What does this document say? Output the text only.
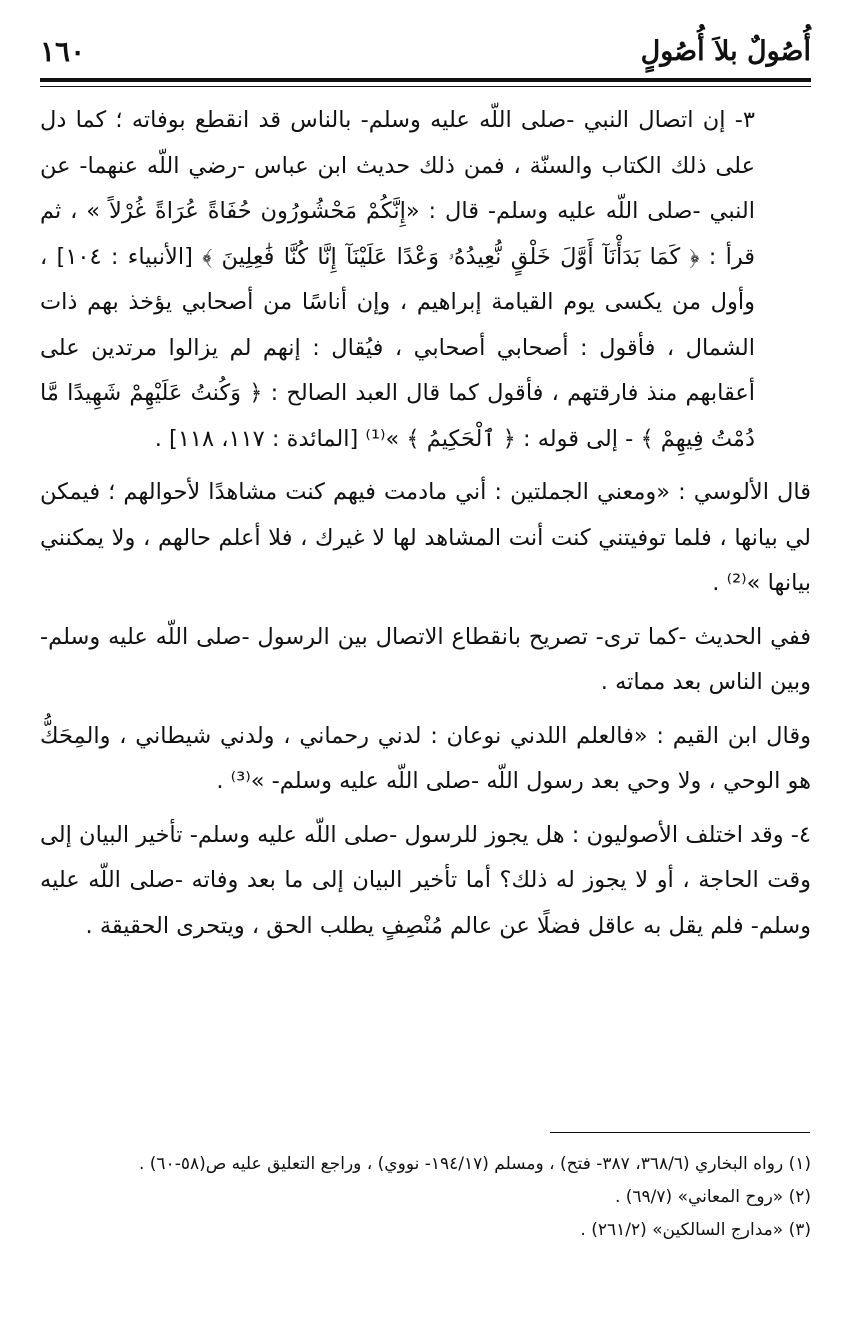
أُصُولٌ بلاَ أُصُولٍ
١٦٠

٣- إن اتصال النبي -صلى اللّه عليه وسلم- بالناس قد انقطع بوفاته ؛ كما دل على ذلك الكتاب والسنّة ، فمن ذلك حديث ابن عباس -رضي اللّه عنهما- عن النبي -صلى اللّه عليه وسلم- قال : «إِنَّكُمْ مَحْشُورُون حُفَاةً عُرَاةً غُرْلاً » ، ثم قرأ : ﴿ كَمَا بَدَأْنَآ أَوَّلَ خَلْقٍ نُّعِيدُهُۥ وَعْدًا عَلَيْنَآ إِنَّا كُنَّا فَٰعِلِينَ ﴾ [الأنبياء : ١٠٤] ، وأول من يكسى يوم القيامة إبراهيم ، وإن أناسًا من أصحابي يؤخذ بهم ذات الشمال ، فأقول : أصحابي أصحابي ، فيُقال : إنهم لم يزالوا مرتدين على أعقابهم منذ فارقتهم ، فأقول كما قال العبد الصالح : ﴿ وَكُنتُ عَلَيْهِمْ شَهِيدًا مَّا دُمْتُ فِيهِمْ ﴾ - إلى قوله : ﴿ ٱلْحَكِيمُ ﴾ »⁽¹⁾ [المائدة : ١١٧، ١١٨] .

قال الألوسي : «ومعني الجملتين : أني مادمت فيهم كنت مشاهدًا لأحوالهم ؛ فيمكن لي بيانها ، فلما توفيتني كنت أنت المشاهد لها لا غيرك ، فلا أعلم حالهم ، ولا يمكنني بيانها »⁽²⁾ .

ففي الحديث -كما ترى- تصريح بانقطاع الاتصال بين الرسول -صلى اللّه عليه وسلم- وبين الناس بعد مماته .

وقال ابن القيم : «فالعلم اللدني نوعان : لدني رحماني ، ولدني شيطاني ، والمِحَكُّ هو الوحي ، ولا وحي بعد رسول اللّه -صلى اللّه عليه وسلم- »⁽³⁾ .

٤- وقد اختلف الأصوليون : هل يجوز للرسول -صلى اللّه عليه وسلم- تأخير البيان إلى وقت الحاجة ، أو لا يجوز له ذلك؟ أما تأخير البيان إلى ما بعد وفاته -صلى اللّه عليه وسلم- فلم يقل به عاقل فضلًا عن عالم مُنْصِفٍ يطلب الحق ، ويتحرى الحقيقة .

(١) رواه البخاري (٣٦٨/٦، ٣٨٧- فتح) ، ومسلم (١٩٤/١٧- نووي) ، وراجع التعليق عليه ص(٥٨-٦٠) .

(٢) «روح المعاني» (٦٩/٧) .

(٣) «مدارج السالكين» (٢٦١/٢) .
